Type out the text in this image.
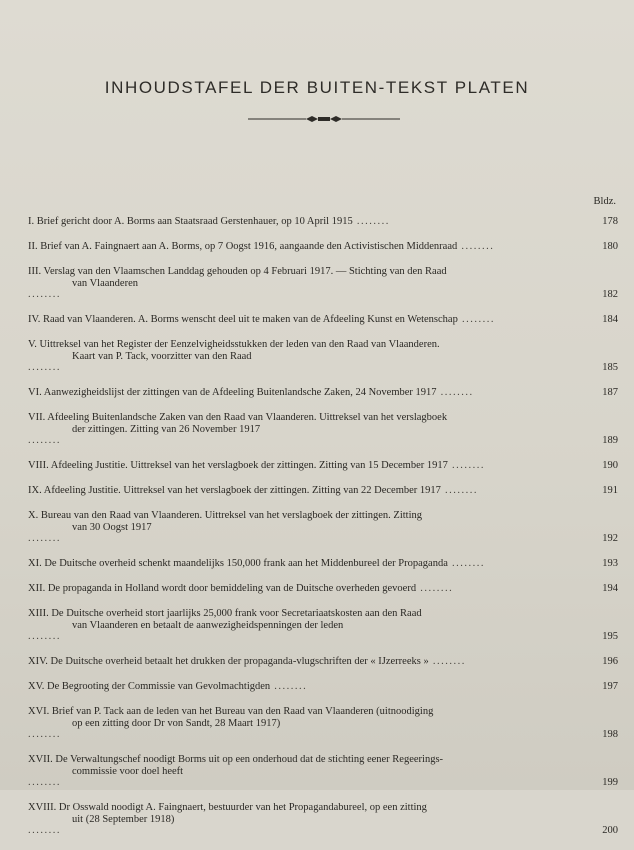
INHOUDSTAFEL DER BUITEN-TEKST PLATEN
Bldz.
I. Brief gericht door A. Borms aan Staatsraad Gerstenhauer, op 10 April 1915 ........	178
II. Brief van A. Faingnaert aan A. Borms, op 7 Oogst 1916, aangaande den Activistischen Middenraad ........	180
III. Verslag van den Vlaamschen Landdag gehouden op 4 Februari 1917. — Stichting van den Raad
van Vlaanderen
........	182
IV. Raad van Vlaanderen. A. Borms wenscht deel uit te maken van de Afdeeling Kunst en Wetenschap ........	184
V. Uittreksel van het Register der Eenzelvigheidsstukken der leden van den Raad van Vlaanderen.
Kaart van P. Tack, voorzitter van den Raad
........	185
VI. Aanwezigheidslijst der zittingen van de Afdeeling Buitenlandsche Zaken, 24 November 1917 ........	187
VII. Afdeeling Buitenlandsche Zaken van den Raad van Vlaanderen. Uittreksel van het verslagboek
der zittingen. Zitting van 26 November 1917
........	189
VIII. Afdeeling Justitie. Uittreksel van het verslagboek der zittingen. Zitting van 15 December 1917 ........	190
IX. Afdeeling Justitie. Uittreksel van het verslagboek der zittingen. Zitting van 22 December 1917 ........	191
X. Bureau van den Raad van Vlaanderen. Uittreksel van het verslagboek der zittingen. Zitting
van 30 Oogst 1917
........	192
XI. De Duitsche overheid schenkt maandelijks 150,000 frank aan het Middenbureel der Propaganda ........	193
XII. De propaganda in Holland wordt door bemiddeling van de Duitsche overheden gevoerd ........	194
XIII. De Duitsche overheid stort jaarlijks 25,000 frank voor Secretariaatskosten aan den Raad
van Vlaanderen en betaalt de aanwezigheidspenningen der leden
........	195
XIV. De Duitsche overheid betaalt het drukken der propaganda-vlugschriften der « IJzerreeks » ........	196
XV. De Begrooting der Commissie van Gevolmachtigden ........	197
XVI. Brief van P. Tack aan de leden van het Bureau van den Raad van Vlaanderen (uitnoodiging
op een zitting door Dr von Sandt, 28 Maart 1917)
........	198
XVII. De Verwaltungschef noodigt Borms uit op een onderhoud dat de stichting eener Regeerings-
commissie voor doel heeft
........	199
XVIII. Dr Osswald noodigt A. Faingnaert, bestuurder van het Propagandabureel, op een zitting
uit (28 September 1918)
........	200
